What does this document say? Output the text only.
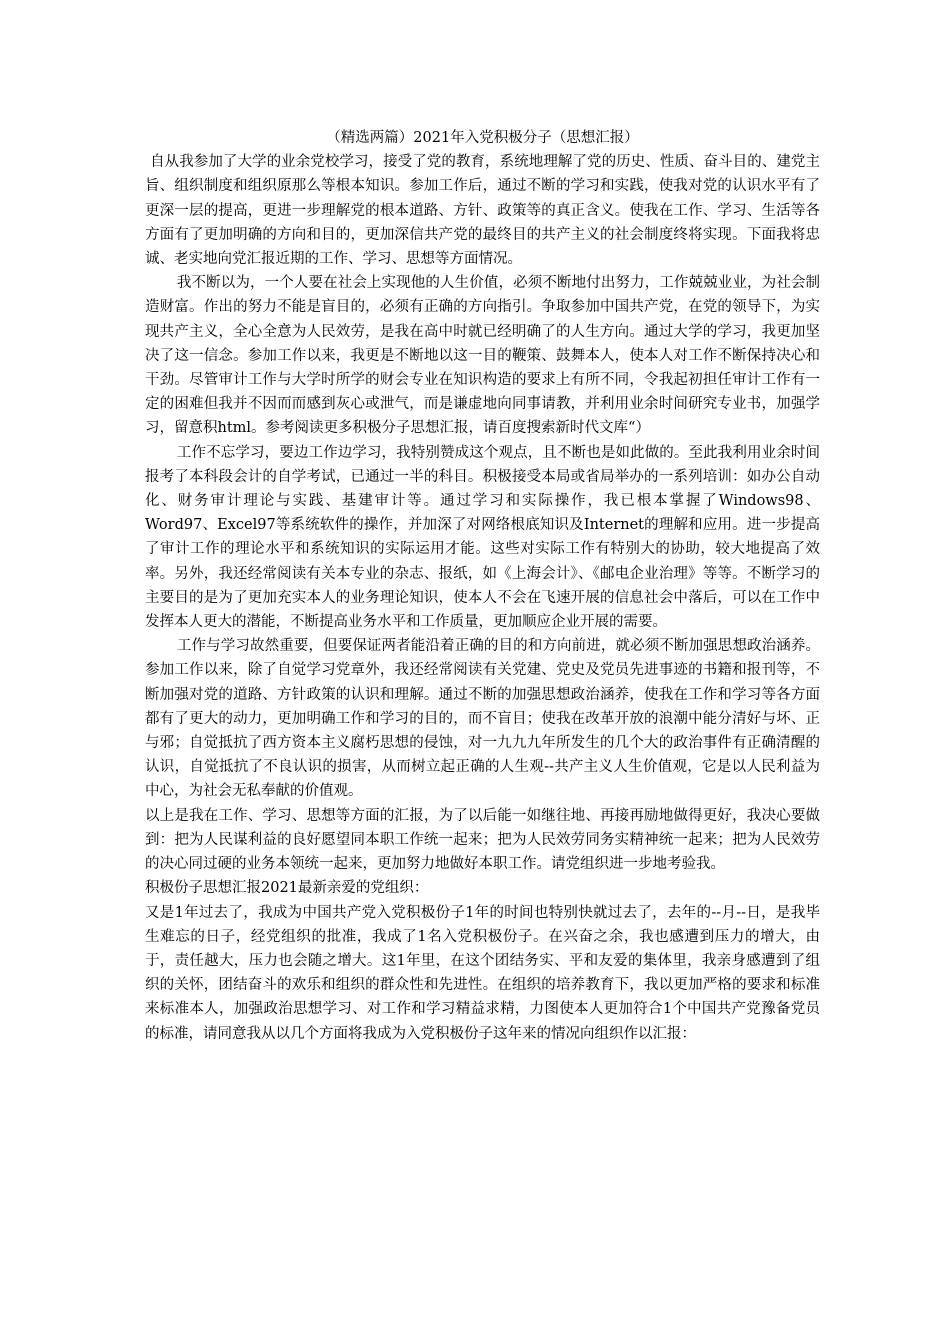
（精选两篇）2021年入党积极分子（思想汇报）

自从我参加了大学的业余党校学习，接受了党的教育，系统地理解了党的历史、性质、奋斗目的、建党主旨、组织制度和组织原那么等根本知识。参加工作后，通过不断的学习和实践，使我对党的认识水平有了更深一层的提高，更进一步理解党的根本道路、方针、政策等的真正含义。使我在工作、学习、生活等各方面有了更加明确的方向和目的，更加深信共产党的最终目的共产主义的社会制度终将实现。下面我将忠诚、老实地向党汇报近期的工作、学习、思想等方面情况。

我不断以为，一个人要在社会上实现他的人生价值，必须不断地付出努力，工作兢兢业业，为社会制造财富。作出的努力不能是盲目的，必须有正确的方向指引。争取参加中国共产党，在党的领导下，为实现共产主义，全心全意为人民效劳，是我在高中时就已经明确了的人生方向。通过大学的学习，我更加坚决了这一信念。参加工作以来，我更是不断地以这一目的鞭策、鼓舞本人，使本人对工作不断保持决心和干劲。尽管审计工作与大学时所学的财会专业在知识构造的要求上有所不同，令我起初担任审计工作有一定的困难但我并不因而而感到灰心或泄气，而是谦虚地向同事请教，并利用业余时间研究专业书，加强学习，留意积html。参考阅读更多积极分子思想汇报，请百度搜索新时代文库“）

工作不忘学习，要边工作边学习，我特别赞成这个观点，且不断也是如此做的。至此我利用业余时间报考了本科段会计的自学考试，已通过一半的科目。积极接受本局或省局举办的一系列培训：如办公自动化、财务审计理论与实践、基建审计等。通过学习和实际操作，我已根本掌握了Windows98、Word97、Excel97等系统软件的操作，并加深了对网络根底知识及Internet的理解和应用。进一步提高了审计工作的理论水平和系统知识的实际运用才能。这些对实际工作有特别大的协助，较大地提高了效率。另外，我还经常阅读有关本专业的杂志、报纸，如《上海会计》、《邮电企业治理》等等。不断学习的主要目的是为了更加充实本人的业务理论知识，使本人不会在飞速开展的信息社会中落后，可以在工作中发挥本人更大的潜能，不断提高业务水平和工作质量，更加顺应企业开展的需要。

工作与学习故然重要，但要保证两者能沿着正确的目的和方向前进，就必须不断加强思想政治涵养。参加工作以来，除了自觉学习党章外，我还经常阅读有关党建、党史及党员先进事迹的书籍和报刊等，不断加强对党的道路、方针政策的认识和理解。通过不断的加强思想政治涵养，使我在工作和学习等各方面都有了更大的动力，更加明确工作和学习的目的，而不盲目；使我在改革开放的浪潮中能分清好与坏、正与邪；自觉抵抗了西方资本主义腐朽思想的侵蚀，对一九九九年所发生的几个大的政治事件有正确清醒的认识，自觉抵抗了不良认识的损害，从而树立起正确的人生观--共产主义人生价值观，它是以人民利益为中心，为社会无私奉献的价值观。

以上是我在工作、学习、思想等方面的汇报，为了以后能一如继往地、再接再励地做得更好，我决心要做到：把为人民谋利益的良好愿望同本职工作统一起来；把为人民效劳同务实精神统一起来；把为人民效劳的决心同过硬的业务本领统一起来，更加努力地做好本职工作。请党组织进一步地考验我。

积极份子思想汇报2021最新亲爱的党组织：

又是1年过去了，我成为中国共产党入党积极份子1年的时间也特别快就过去了，去年的--月--日，是我毕生难忘的日子，经党组织的批准，我成了1名入党积极份子。在兴奋之余，我也感遭到压力的增大，由于，责任越大，压力也会随之增大。这1年里，在这个团结务实、平和友爱的集体里，我亲身感遭到了组织的关怀，团结奋斗的欢乐和组织的群众性和先进性。在组织的培养教育下，我以更加严格的要求和标准来标准本人，加强政治思想学习、对工作和学习精益求精，力图使本人更加符合1个中国共产党豫备党员的标准，请同意我从以几个方面将我成为入党积极份子这年来的情况向组织作以汇报：
